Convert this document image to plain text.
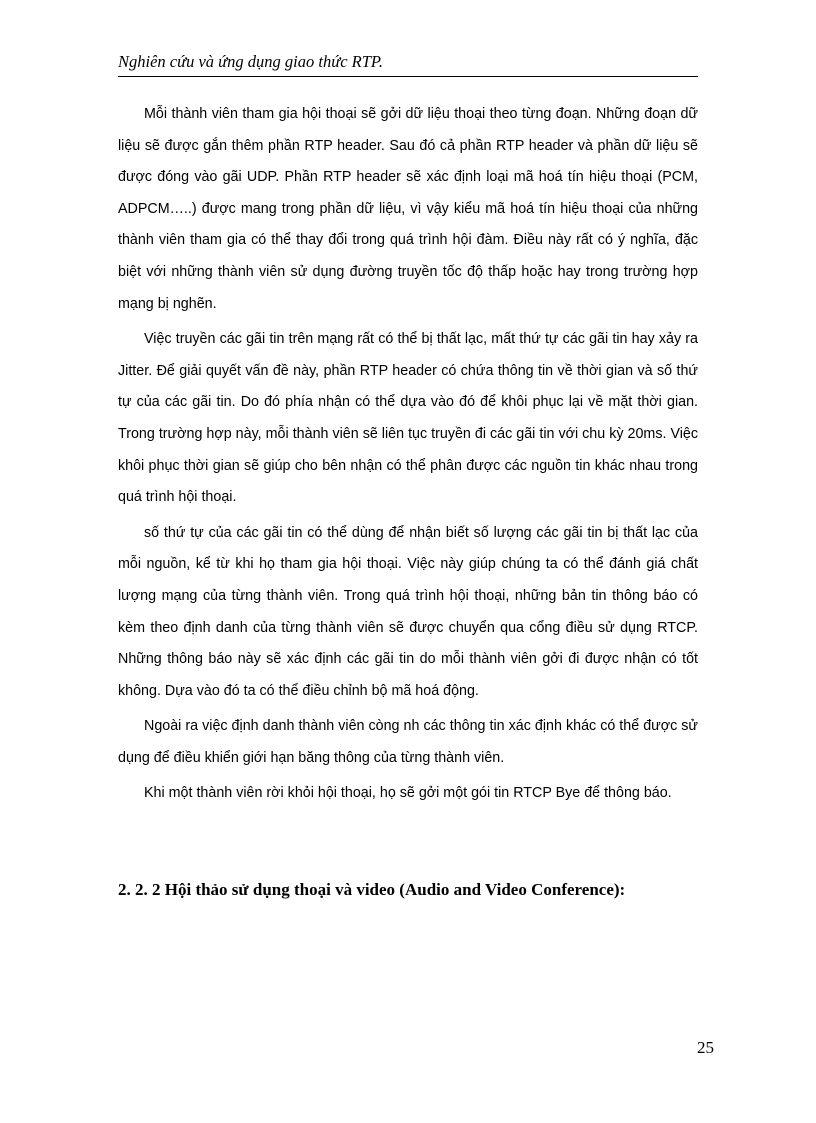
Nghiên cứu và ứng dụng giao thức RTP.

Mỗi thành viên tham gia hội thoại sẽ gởi dữ liệu thoại theo từng đoạn. Những đoạn dữ liệu sẽ được gắn thêm phần RTP header. Sau đó cả phần RTP header và phần dữ liệu sẽ được đóng vào gãi UDP. Phần RTP header sẽ xác định loại mã hoá tín hiệu thoại (PCM, ADPCM…..) được mang trong phần dữ liệu, vì vậy kiểu mã hoá tín hiệu thoại của những thành viên tham gia có thể thay đổi trong quá trình hội đàm. Điều này rất có ý nghĩa, đặc biệt với những thành viên sử dụng đường truyền tốc độ thấp hoặc hay trong trường hợp mạng bị nghẽn.

Việc truyền các gãi tin trên mạng rất có thể bị thất lạc, mất thứ tự các gãi tin hay xảy ra Jitter. Để giải quyết vấn đề này, phần RTP header có chứa thông tin về thời gian và số thứ tự của các gãi tin. Do đó phía nhận có thể dựa vào đó để khôi phục lại về mặt thời gian. Trong trường hợp này, mỗi thành viên sẽ liên tục truyền đi các gãi tin với chu kỳ 20ms. Việc khôi phục thời gian sẽ giúp cho bên nhận có thể phân được các nguồn tin khác nhau trong quá trình hội thoại.

số thứ tự của các gãi tin có thể dùng để nhận biết số lượng các gãi tin bị thất lạc của mỗi nguồn, kể từ khi họ tham gia hội thoại. Việc này giúp chúng ta có thể đánh giá chất lượng mạng của từng thành viên. Trong quá trình hội thoại, những bản tin thông báo có kèm theo định danh của từng thành viên sẽ được chuyển qua cổng điều sử dụng RTCP. Những thông báo này sẽ xác định các gãi tin do mỗi thành viên gởi đi được nhận có tốt không. Dựa vào đó ta có thể điều chỉnh bộ mã hoá động.

Ngoài ra việc định danh thành viên còng nh các thông tin xác định khác có thể được sử dụng để điều khiển giới hạn băng thông của từng thành viên.

Khi một thành viên rời khỏi hội thoại, họ sẽ gởi một gói tin RTCP Bye để thông báo.

2. 2. 2 Hội thảo sử dụng thoại và video (Audio and Video Conference):
25
